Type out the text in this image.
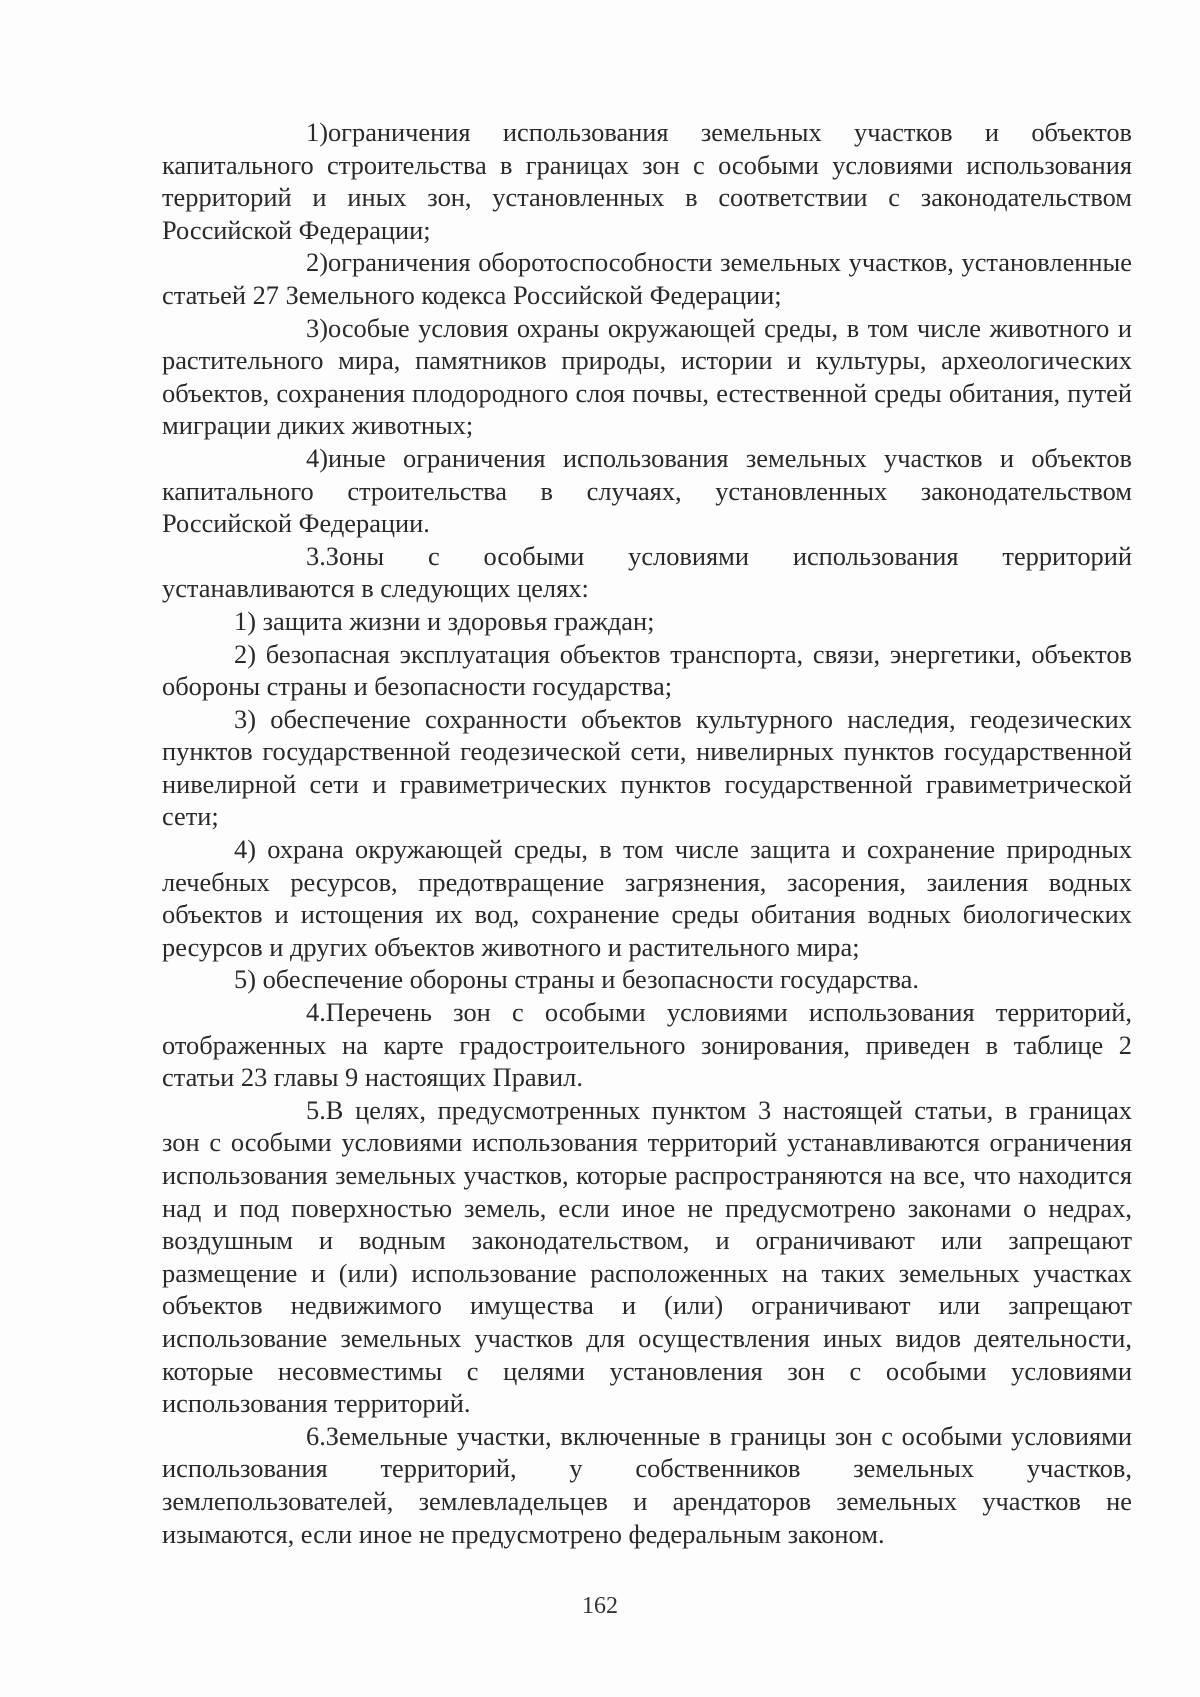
1)ограничения использования земельных участков и объектов капитального строительства в границах зон с особыми условиями использования территорий и иных зон, установленных в соответствии с законодательством Российской Федерации;

2)ограничения оборотоспособности земельных участков, установленные статьей 27 Земельного кодекса Российской Федерации;

3)особые условия охраны окружающей среды, в том числе животного и растительного мира, памятников природы, истории и культуры, археологических объектов, сохранения плодородного слоя почвы, естественной среды обитания, путей миграции диких животных;

4)иные ограничения использования земельных участков и объектов капитального строительства в случаях, установленных законодательством Российской Федерации.

3.Зоны с особыми условиями использования территорий устанавливаются в следующих целях:

1) защита жизни и здоровья граждан;

2) безопасная эксплуатация объектов транспорта, связи, энергетики, объектов обороны страны и безопасности государства;

3) обеспечение сохранности объектов культурного наследия, геодезических пунктов государственной геодезической сети, нивелирных пунктов государственной нивелирной сети и гравиметрических пунктов государственной гравиметрической сети;

4) охрана окружающей среды, в том числе защита и сохранение природных лечебных ресурсов, предотвращение загрязнения, засорения, заиления водных объектов и истощения их вод, сохранение среды обитания водных биологических ресурсов и других объектов животного и растительного мира;

5) обеспечение обороны страны и безопасности государства.

4.Перечень зон с особыми условиями использования территорий, отображенных на карте градостроительного зонирования, приведен в таблице 2 статьи 23 главы 9 настоящих Правил.

5.В целях, предусмотренных пунктом 3 настоящей статьи, в границах зон с особыми условиями использования территорий устанавливаются ограничения использования земельных участков, которые распространяются на все, что находится над и под поверхностью земель, если иное не предусмотрено законами о недрах, воздушным и водным законодательством, и ограничивают или запрещают размещение и (или) использование расположенных на таких земельных участках объектов недвижимого имущества и (или) ограничивают или запрещают использование земельных участков для осуществления иных видов деятельности, которые несовместимы с целями установления зон с особыми условиями использования территорий.

6.Земельные участки, включенные в границы зон с особыми условиями использования территорий, у собственников земельных участков, землепользователей, землевладельцев и арендаторов земельных участков не изымаются, если иное не предусмотрено федеральным законом.

162
